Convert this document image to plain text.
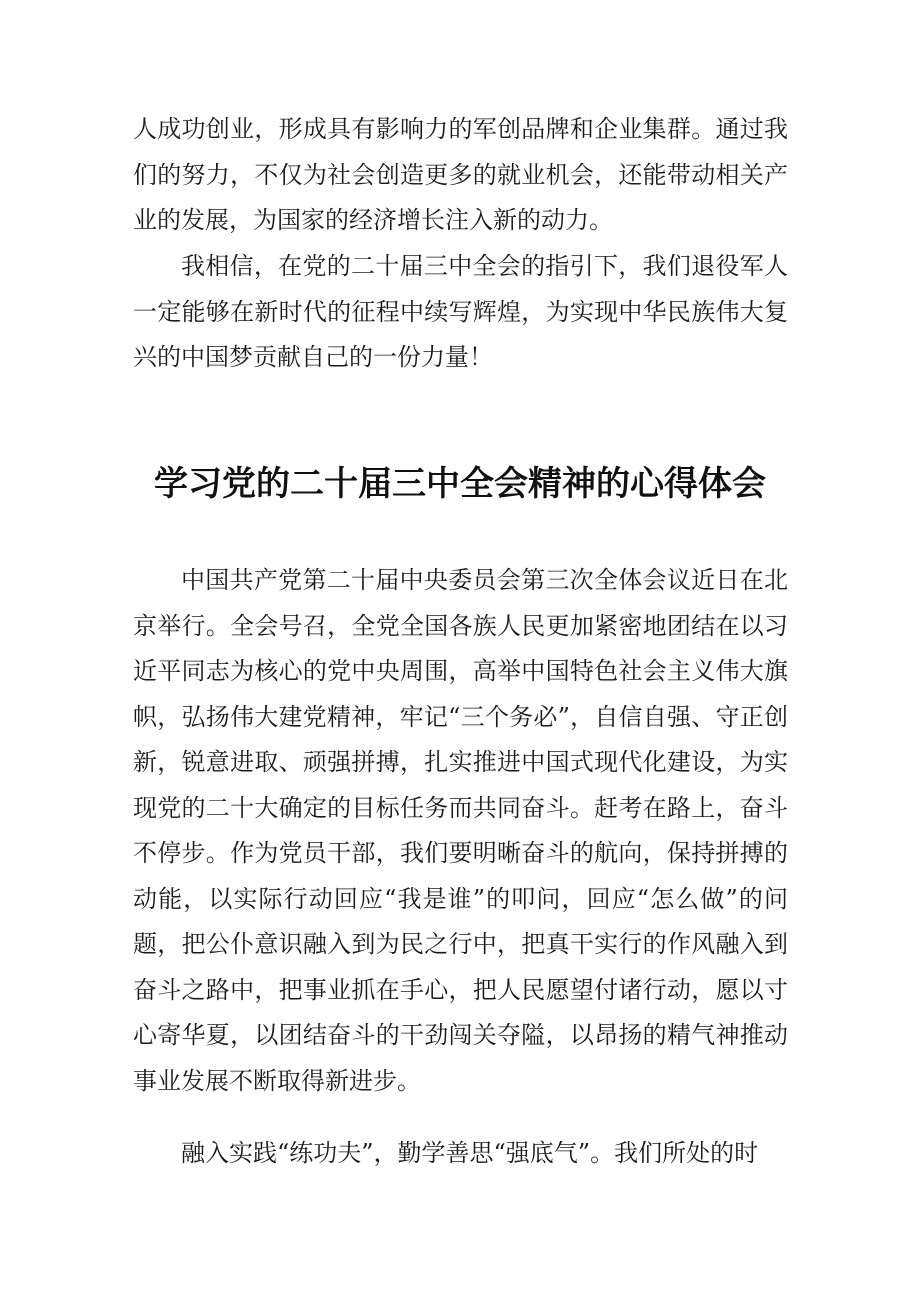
人成功创业，形成具有影响力的军创品牌和企业集群。通过我们的努力，不仅为社会创造更多的就业机会，还能带动相关产业的发展，为国家的经济增长注入新的动力。

我相信，在党的二十届三中全会的指引下，我们退役军人一定能够在新时代的征程中续写辉煌，为实现中华民族伟大复兴的中国梦贡献自己的一份力量！

学习党的二十届三中全会精神的心得体会

中国共产党第二十届中央委员会第三次全体会议近日在北京举行。全会号召，全党全国各族人民更加紧密地团结在以习近平同志为核心的党中央周围，高举中国特色社会主义伟大旗帜，弘扬伟大建党精神，牢记“三个务必”，自信自强、守正创新，锐意进取、顽强拼搏，扎实推进中国式现代化建设，为实现党的二十大确定的目标任务而共同奋斗。赶考在路上，奋斗不停步。作为党员干部，我们要明晰奋斗的航向，保持拼搏的动能，以实际行动回应“我是谁”的叩问，回应“怎么做”的问题，把公仆意识融入到为民之行中，把真干实行的作风融入到奋斗之路中，把事业抓在手心，把人民愿望付诸行动，愿以寸心寄华夏，以团结奋斗的干劲闯关夺隘，以昂扬的精气神推动事业发展不断取得新进步。

融入实践“练功夫”，勤学善思“强底气”。我们所处的时
